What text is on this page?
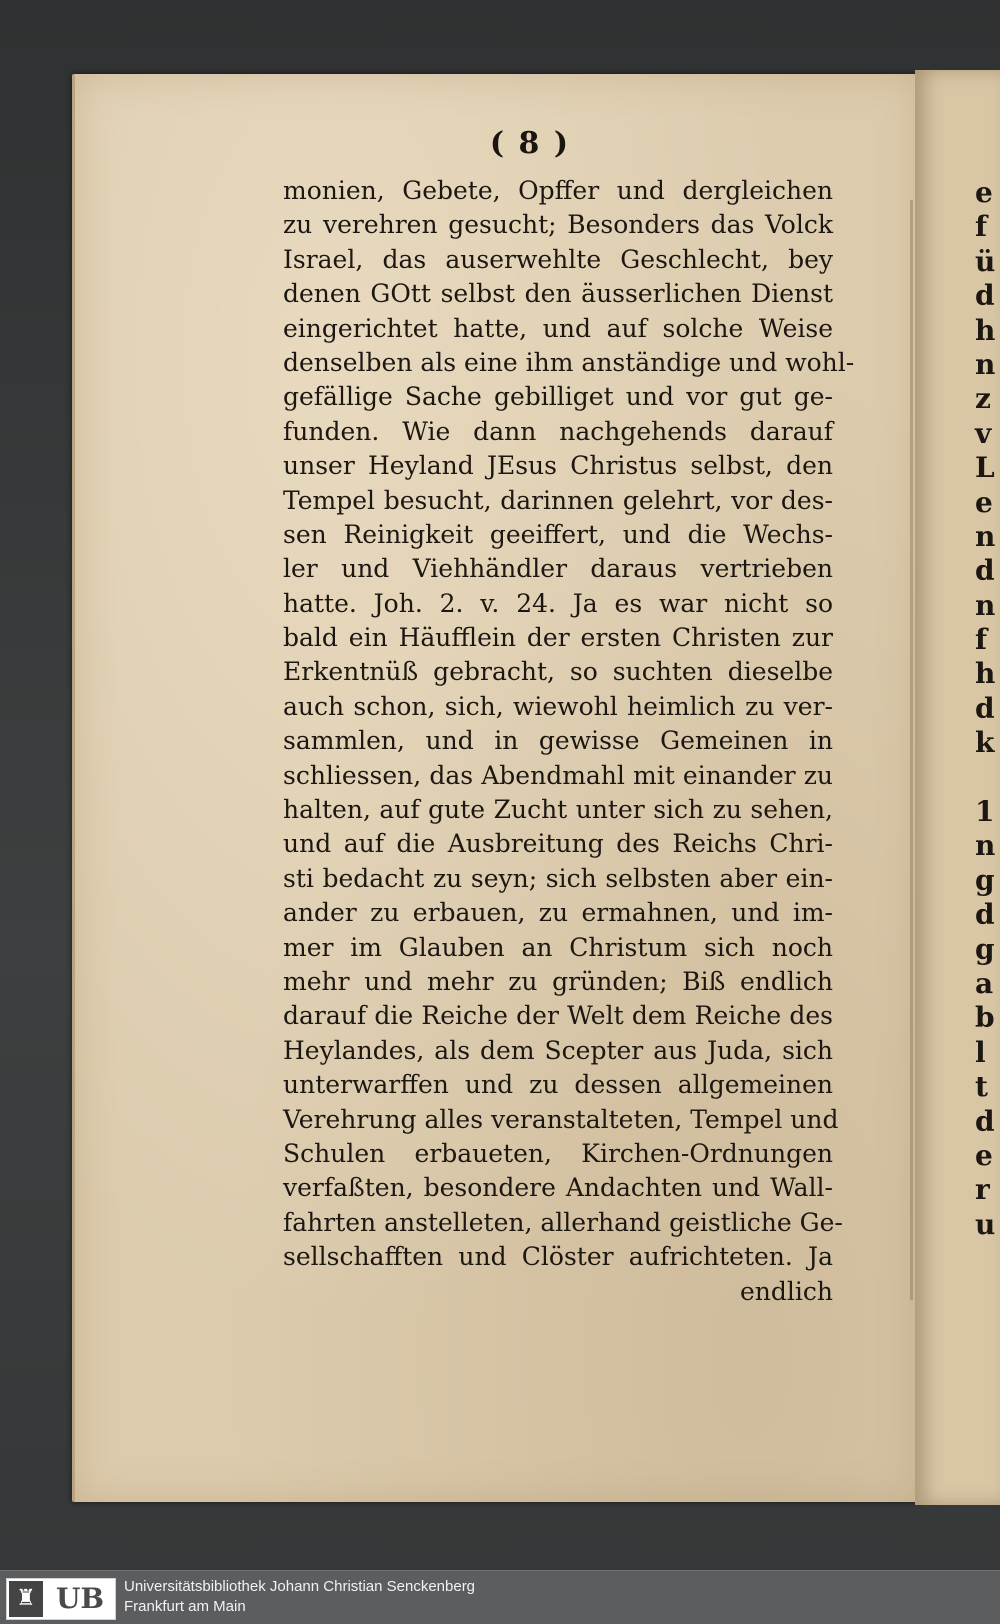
( 8 )
monien, Gebete, Opffer und dergleichen
zu verehren gesucht; Besonders das Volck
Israel, das auserwehlte Geschlecht, bey
denen GOtt selbst den äusserlichen Dienst
eingerichtet hatte, und auf solche Weise
denselben als eine ihm anständige und wohl-
gefällige Sache gebilliget und vor gut ge-
funden. Wie dann nachgehends darauf
unser Heyland JEsus Christus selbst, den
Tempel besucht, darinnen gelehrt, vor des-
sen Reinigkeit geeiffert, und die Wechs-
ler und Viehhändler daraus vertrieben
hatte. Joh. 2. v. 24. Ja es war nicht so
bald ein Häufflein der ersten Christen zur
Erkentnüß gebracht, so suchten dieselbe
auch schon, sich, wiewohl heimlich zu ver-
sammlen, und in gewisse Gemeinen in
schliessen, das Abendmahl mit einander zu
halten, auf gute Zucht unter sich zu sehen,
und auf die Ausbreitung des Reichs Chri-
sti bedacht zu seyn; sich selbsten aber ein-
ander zu erbauen, zu ermahnen, und im-
mer im Glauben an Christum sich noch
mehr und mehr zu gründen; Biß endlich
darauf die Reiche der Welt dem Reiche des
Heylandes, als dem Scepter aus Juda, sich
unterwarffen und zu dessen allgemeinen
Verehrung alles veranstalteten, Tempel und
Schulen erbaueten, Kirchen-Ordnungen
verfaßten, besondere Andachten und Wall-
fahrten anstelleten, allerhand geistliche Ge-
sellschafften und Clöster aufrichteten. Ja
endlich
e
f
ü
d
h
n
z
v
L
e
n
d
n
f
h
d
k
1
n
g
d
g
a
b
l
t
d
e
r
u
♜ UB	Universitätsbibliothek Johann Christian Senckenberg
Frankfurt am Main
